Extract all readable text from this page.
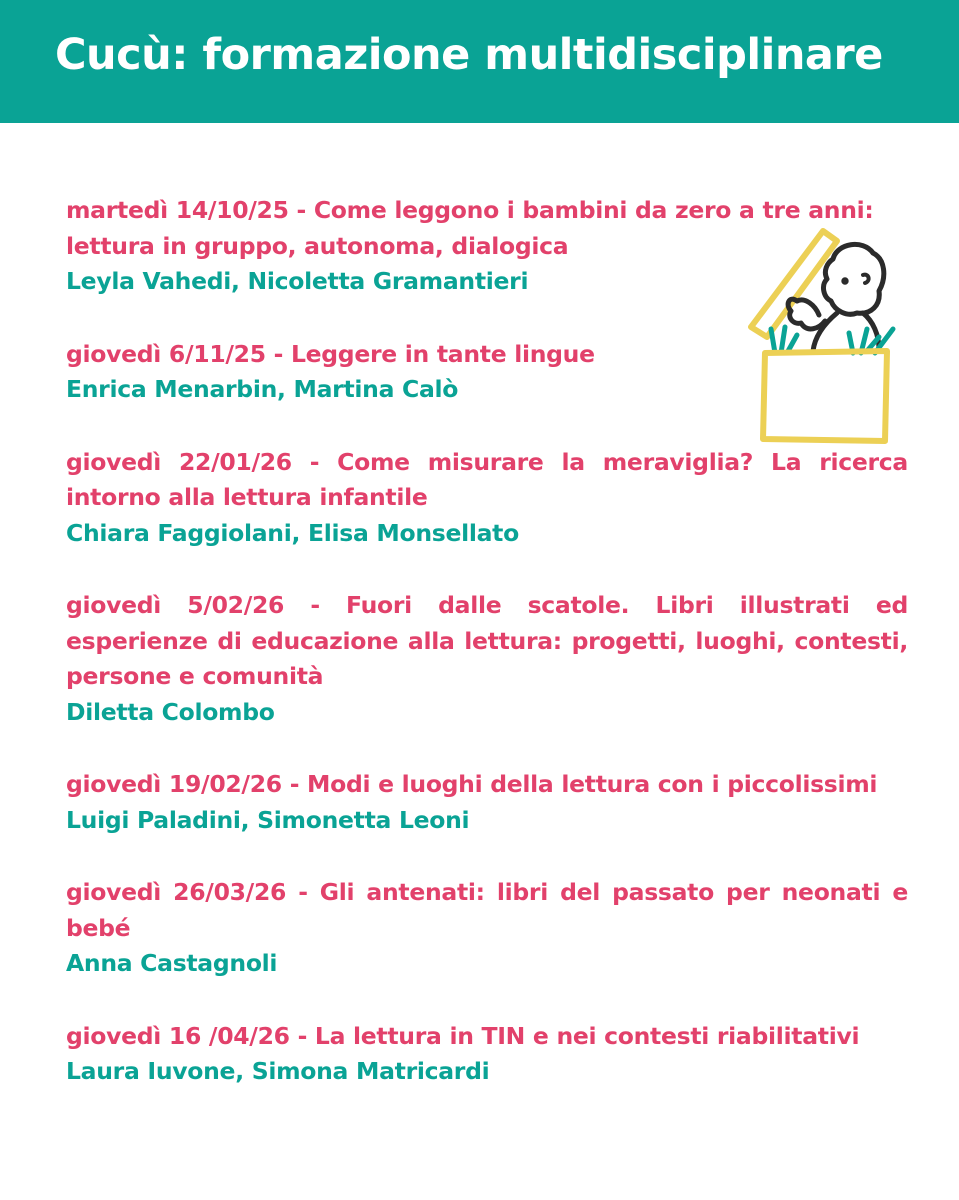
Cucù: formazione multidisciplinare

martedì 14/10/25 - Come leggono i bambini da zero a tre anni: lettura in gruppo, autonoma, dialogica

Leyla Vahedi, Nicoletta Gramantieri

giovedì 6/11/25 - Leggere in tante lingue

Enrica Menarbin, Martina Calò

giovedì 22/01/26 - Come misurare la meraviglia? La ricerca intorno alla lettura infantile

Chiara Faggiolani, Elisa Monsellato

giovedì 5/02/26 - Fuori dalle scatole. Libri illustrati ed esperienze di educazione alla lettura: progetti, luoghi, contesti, persone e comunità

Diletta Colombo

giovedì 19/02/26 - Modi e luoghi della lettura con i piccolissimi

Luigi Paladini, Simonetta Leoni

giovedì 26/03/26 - Gli antenati: libri del passato per neonati e bebé

Anna Castagnoli

giovedì 16 /04/26 - La lettura in TIN e nei contesti riabilitativi

Laura Iuvone, Simona Matricardi
